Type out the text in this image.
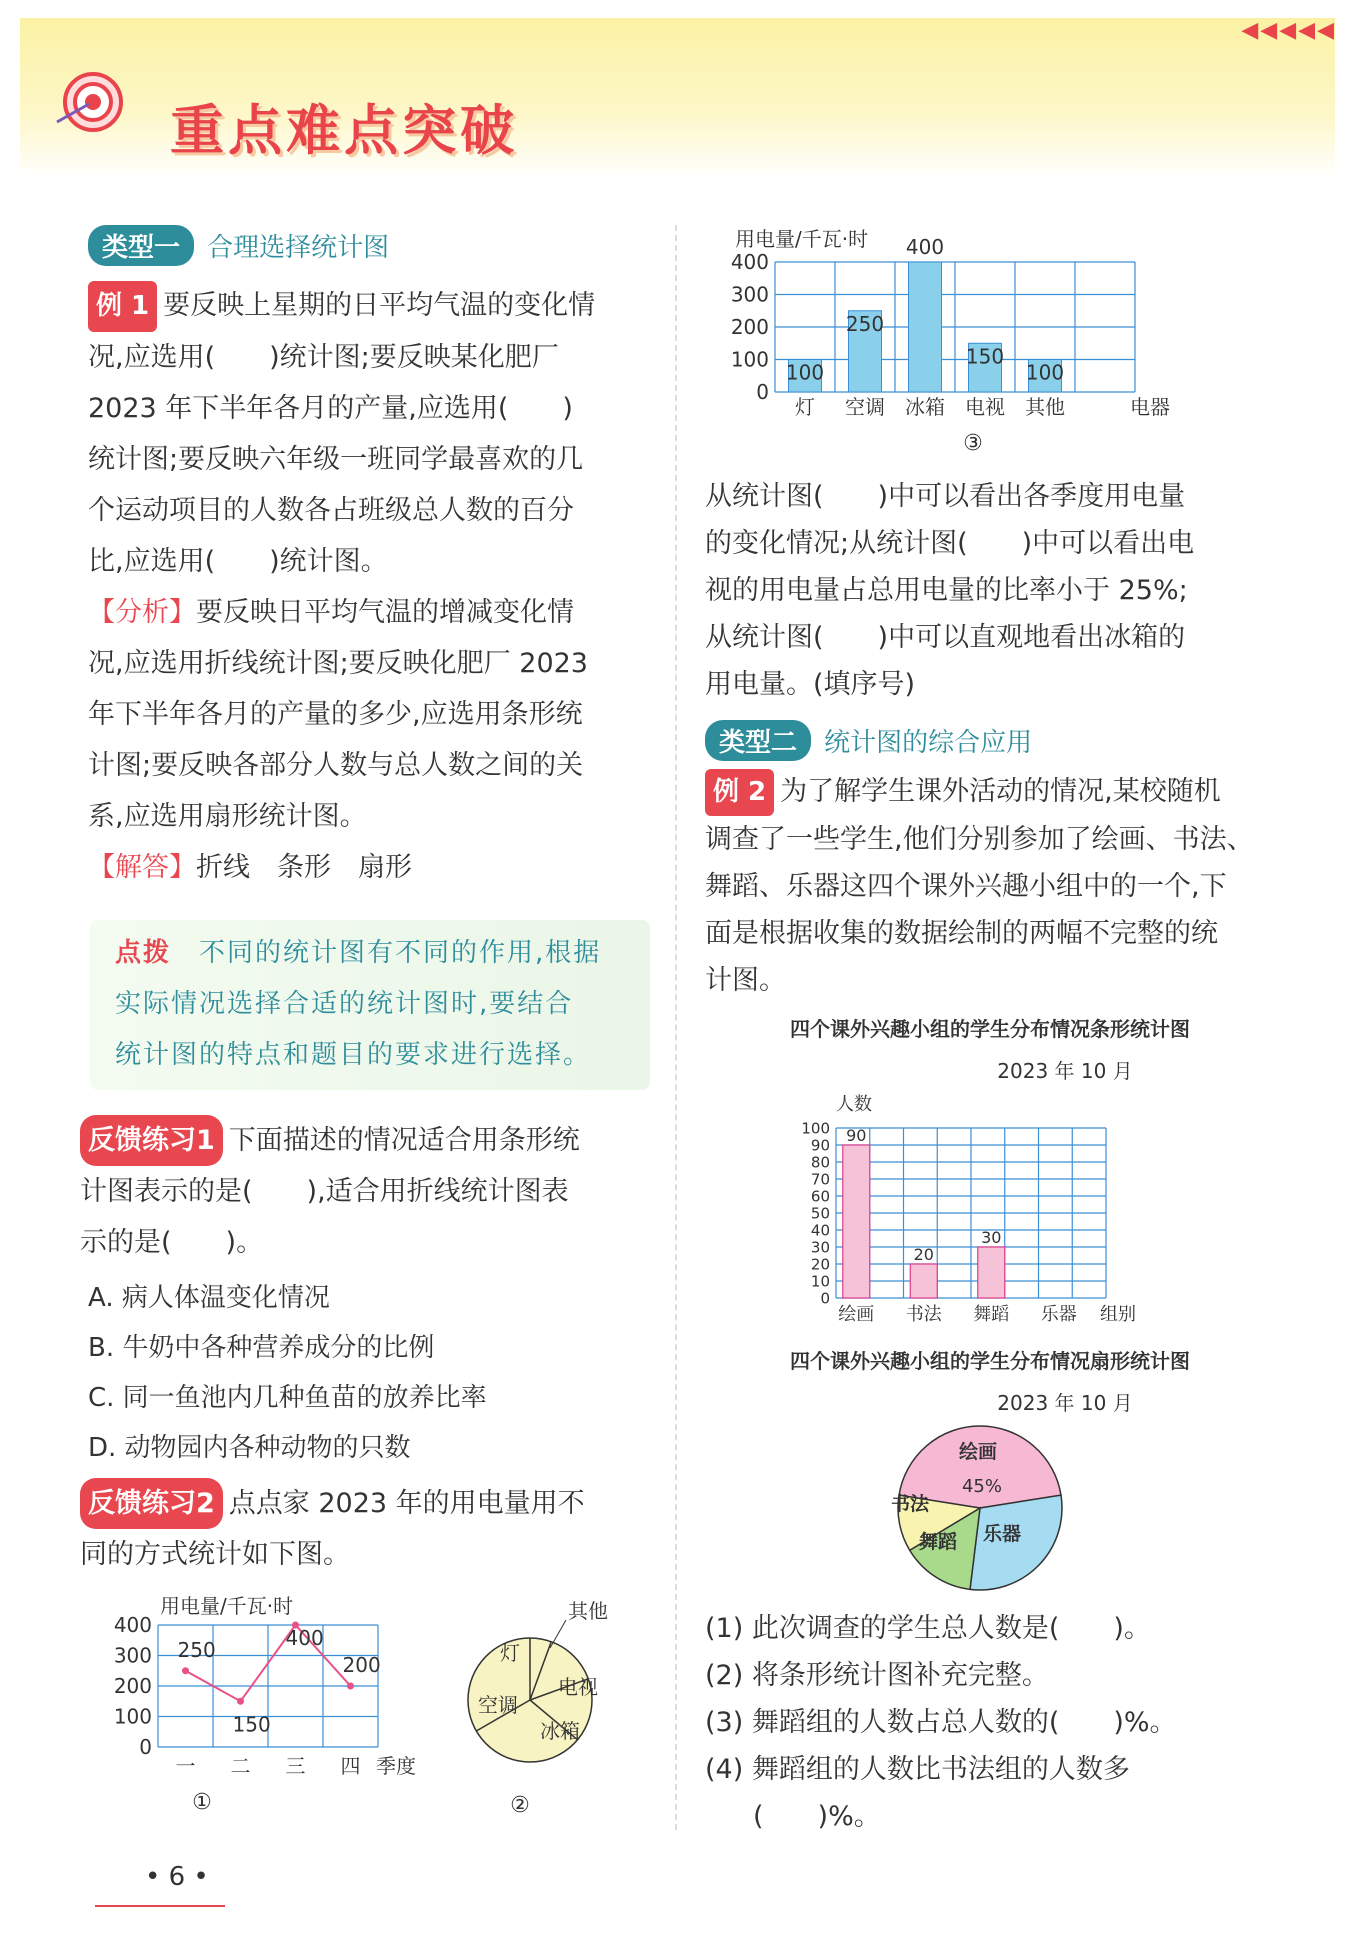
重点难点突破
◀◀◀◀◀
类型一 合理选择统计图
例 1 要反映上星期的日平均气温的变化情
况,应选用(　　)统计图;要反映某化肥厂
2023 年下半年各月的产量,应选用(　　)
统计图;要反映六年级一班同学最喜欢的几
个运动项目的人数各占班级总人数的百分
比,应选用(　　)统计图。
【分析】要反映日平均气温的增减变化情
况,应选用折线统计图;要反映化肥厂 2023
年下半年各月的产量的多少,应选用条形统
计图;要反映各部分人数与总人数之间的关
系,应选用扇形统计图。
【解答】折线　条形　扇形
点拨　 不同的统计图有不同的作用,根据
实际情况选择合适的统计图时,要结合
统计图的特点和题目的要求进行选择。
反馈练习1 下面描述的情况适合用条形统
计图表示的是(　　),适合用折线统计图表
示的是(　　)。
A. 病人体温变化情况
B. 牛奶中各种营养成分的比例
C. 同一鱼池内几种鱼苗的放养比率
D. 动物园内各种动物的只数
反馈练习2 点点家 2023 年的用电量用不
同的方式统计如下图。
用电量/千瓦·时
0
100
200
300
400
250
150
400
200
一 二 三 四 季度
①
灯
其他
电视
冰箱
空调
②
• 6 •
用电量/千瓦·时
0
100
200
300
400
100
灯
250
空调
400
冰箱
150
电视
100
其他	电器
③
从统计图(　　)中可以看出各季度用电量
的变化情况;从统计图(　　)中可以看出电
视的用电量占总用电量的比率小于 25%;
从统计图(　　)中可以直观地看出冰箱的
用电量。(填序号)
类型二 统计图的综合应用
例 2 为了解学生课外活动的情况,某校随机
调查了一些学生,他们分别参加了绘画、书法、
舞蹈、乐器这四个课外兴趣小组中的一个,下
面是根据收集的数据绘制的两幅不完整的统
计图。
四个课外兴趣小组的学生分布情况条形统计图
2023 年 10 月
人数
0
10
20
30
40
50
60
70
80
90
100 90
绘画
20
书法
30
舞蹈 乐器 组别
四个课外兴趣小组的学生分布情况扇形统计图
2023 年 10 月
绘画
乐器
舞蹈
书法
45%
(1) 此次调查的学生总人数是(　　)。
(2) 将条形统计图补充完整。
(3) 舞蹈组的人数占总人数的(　　)%。
(4) 舞蹈组的人数比书法组的人数多
(　　)%。
